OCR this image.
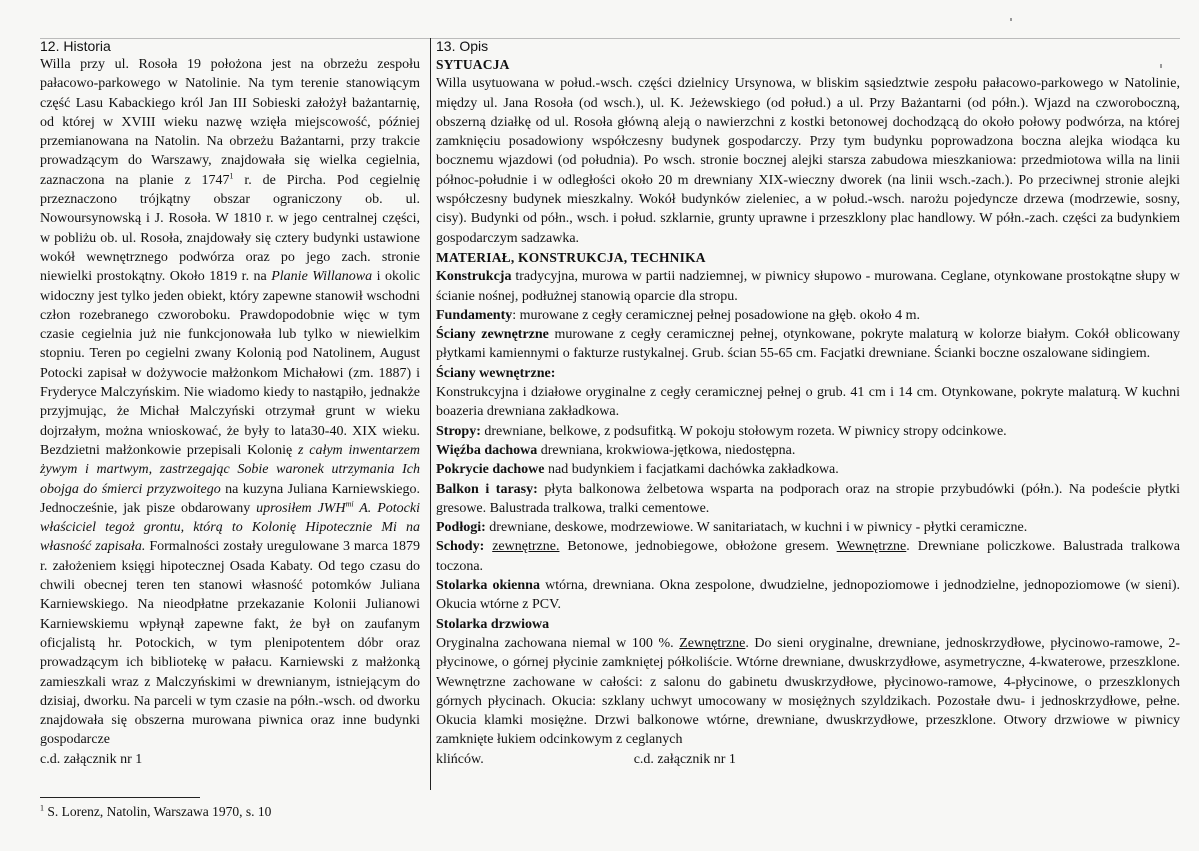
12. Historia

Willa przy ul. Rosoła 19 położona jest na obrzeżu zespołu pałacowo-parkowego w Natolinie. Na tym terenie stanowiącym część Lasu Kabackiego król Jan III Sobieski założył bażantarnię, od której w XVIII wieku nazwę wzięła miejscowość, później przemianowana na Natolin. Na obrzeżu Bażantarni, przy trakcie prowadzącym do Warszawy, znajdowała się wielka cegielnia, zaznaczona na planie z 1747$^1$ r. de Pircha. Pod cegielnię przeznaczono trójkątny obszar ograniczony ob. ul. Nowoursynowską i J. Rosoła. W 1810 r. w jego centralnej części, w pobliżu ob. ul. Rosoła, znajdowały się cztery budynki ustawione wokół wewnętrznego podwórza oraz po jego zach. stronie niewielki prostokątny. Około 1819 r. na Planie Willanowa i okolic widoczny jest tylko jeden obiekt, który zapewne stanowił wschodni człon rozebranego czworoboku. Prawdopodobnie więc w tym czasie cegielnia już nie funkcjonowała lub tylko w niewielkim stopniu. Teren po cegielni zwany Kolonią pod Natolinem, August Potocki zapisał w dożywocie małżonkom Michałowi (zm. 1887) i Fryderyce Malczyńskim. Nie wiadomo kiedy to nastąpiło, jednakże przyjmując, że Michał Malczyński otrzymał grunt w wieku dojrzałym, można wnioskować, że były to lata30-40. XIX wieku. Bezdzietni małżonkowie przepisali Kolonię z całym inwentarzem żywym i martwym, zastrzegając Sobie waronek utrzymania Ich obojga do śmierci przyzwoitego na kuzyna Juliana Karniewskiego. Jednocześnie, jak pisze obdarowany uprosiłem $JWH^{mi}$ A. Potocki właściciel tegoż grontu, którą to Kolonię Hipotecznie Mi na własność zapisała. Formalności zostały uregulowane 3 marca 1879 r. założeniem księgi hipotecznej Osada Kabaty. Od tego czasu do chwili obecnej teren ten stanowi własność potomków Juliana Karniewskiego. Na nieodpłatne przekazanie Kolonii Julianowi Karniewskiemu wpłynął zapewne fakt, że był on zaufanym oficjalistą hr. Potockich, w tym plenipotentem dóbr oraz prowadzącym ich bibliotekę w pałacu. Karniewski z małżonką zamieszkali wraz z Malczyńskimi w drewnianym, istniejącym do dzisiaj, dworku. Na parceli w tym czasie na półn.-wsch. od dworku znajdowała się obszerna murowana piwnica oraz inne budynki gospodarcze

c.d. załącznik nr 1
13. Opis
SYTUACJA

Willa usytuowana w połud.-wsch. części dzielnicy Ursynowa, w bliskim sąsiedztwie zespołu pałacowo-parkowego w Natolinie, między ul. Jana Rosoła (od wsch.), ul. K. Jeżewskiego (od połud.) a ul. Przy Bażantarni (od półn.). Wjazd na czworoboczną, obszerną działkę od ul. Rosoła główną aleją o nawierzchni z kostki betonowej dochodzącą do około połowy podwórza, na której zamknięciu posadowiony współczesny budynek gospodarczy. Przy tym budynku poprowadzona boczna alejka wiodąca ku bocznemu wjazdowi (od południa). Po wsch. stronie bocznej alejki starsza zabudowa mieszkaniowa: przedmiotowa willa na linii północ-południe i w odległości około 20 m drewniany XIX-wieczny dworek (na linii wsch.-zach.). Po przeciwnej stronie alejki współczesny budynek mieszkalny. Wokół budynków zieleniec, a w połud.-wsch. narożu pojedyncze drzewa (modrzewie, sosny, cisy). Budynki od półn., wsch. i połud. szklarnie, grunty uprawne i przeszklony plac handlowy. W półn.-zach. części za budynkiem gospodarczym sadzawka.

MATERIAŁ, KONSTRUKCJA, TECHNIKA

Konstrukcja tradycyjna, murowa w partii nadziemnej, w piwnicy słupowo - murowana. Ceglane, otynkowane prostokątne słupy w ścianie nośnej, podłużnej stanowią oparcie dla stropu.

Fundamenty: murowane z cegły ceramicznej pełnej posadowione na głęb. około 4 m.

Ściany zewnętrzne murowane z cegły ceramicznej pełnej, otynkowane, pokryte malaturą w kolorze białym. Cokół oblicowany płytkami kamiennymi o fakturze rustykalnej. Grub. ścian 55-65 cm. Facjatki drewniane. Ścianki boczne oszalowane sidingiem.

Ściany wewnętrzne:

Konstrukcyjna i działowe oryginalne z cegły ceramicznej pełnej o grub. 41 cm i 14 cm. Otynkowane, pokryte malaturą. W kuchni boazeria drewniana zakładkowa.

Stropy: drewniane, belkowe, z podsufitką. W pokoju stołowym rozeta. W piwnicy stropy odcinkowe.

Więźba dachowa drewniana, krokwiowa-jętkowa, niedostępna.

Pokrycie dachowe nad budynkiem i facjatkami dachówka zakładkowa.

Balkon i tarasy: płyta balkonowa żelbetowa wsparta na podporach oraz na stropie przybudówki (półn.). Na podeście płytki gresowe. Balustrada tralkowa, tralki cementowe.

Podłogi: drewniane, deskowe, modrzewiowe. W sanitariatach, w kuchni i w piwnicy - płytki ceramiczne.

Schody: zewnętrzne. Betonowe, jednobiegowe, obłożone gresem. Wewnętrzne. Drewniane policzkowe. Balustrada tralkowa toczona.

Stolarka okienna wtórna, drewniana. Okna zespolone, dwudzielne, jednopoziomowe i jednodzielne, jednopoziomowe (w sieni). Okucia wtórne z PCV.

Stolarka drzwiowa

Oryginalna zachowana niemal w 100 %. Zewnętrzne. Do sieni oryginalne, drewniane, jednoskrzydłowe, płycinowo-ramowe, 2-płycinowe, o górnej płycinie zamkniętej półkoliście. Wtórne drewniane, dwuskrzydłowe, asymetryczne, 4-kwaterowe, przeszklone. Wewnętrzne zachowane w całości: z salonu do gabinetu dwuskrzydłowe, płycinowo-ramowe, 4-płycinowe, o przeszklonych górnych płycinach. Okucia: szklany uchwyt umocowany w mosiężnych szyldzikach. Pozostałe dwu- i jednoskrzydłowe, pełne. Okucia klamki mosiężne. Drzwi balkonowe wtórne, drewniane, dwuskrzydłowe, przeszklone. Otwory drzwiowe w piwnicy zamknięte łukiem odcinkowym z ceglanych

klińców.	c.d. załącznik nr 1
$^1$ S. Lorenz, Natolin, Warszawa 1970, s. 10
